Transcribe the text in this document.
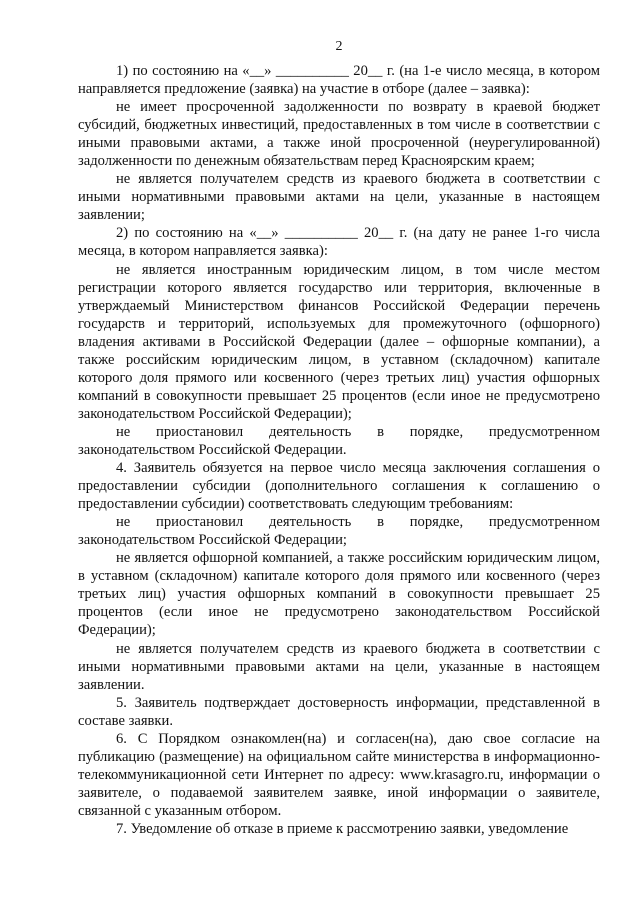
2

1) по состоянию на «__» __________ 20__ г. (на 1-е число месяца, в котором направляется предложение (заявка) на участие в отборе (далее – заявка):

не имеет просроченной задолженности по возврату в краевой бюджет субсидий, бюджетных инвестиций, предоставленных в том числе в соответствии с иными правовыми актами, а также иной просроченной (неурегулированной) задолженности по денежным обязательствам перед Красноярским краем;

не является получателем средств из краевого бюджета в соответствии с иными нормативными правовыми актами на цели, указанные в настоящем заявлении;

2) по состоянию на «__» __________ 20__ г. (на дату не ранее 1-го числа месяца, в котором направляется заявка):

не является иностранным юридическим лицом, в том числе местом регистрации которого является государство или территория, включенные в утверждаемый Министерством финансов Российской Федерации перечень государств и территорий, используемых для промежуточного (офшорного) владения активами в Российской Федерации (далее – офшорные компании), а также российским юридическим лицом, в уставном (складочном) капитале которого доля прямого или косвенного (через третьих лиц) участия офшорных компаний в совокупности превышает 25 процентов (если иное не предусмотрено законодательством Российской Федерации);

не приостановил деятельность в порядке, предусмотренном законодательством Российской Федерации.

4. Заявитель обязуется на первое число месяца заключения соглашения о предоставлении субсидии (дополнительного соглашения к соглашению о предоставлении субсидии) соответствовать следующим требованиям:

не приостановил деятельность в порядке, предусмотренном законодательством Российской Федерации;

не является офшорной компанией, а также российским юридическим лицом, в уставном (складочном) капитале которого доля прямого или косвенного (через третьих лиц) участия офшорных компаний в совокупности превышает 25 процентов (если иное не предусмотрено законодательством Российской Федерации);

не является получателем средств из краевого бюджета в соответствии с иными нормативными правовыми актами на цели, указанные в настоящем заявлении.

5. Заявитель подтверждает достоверность информации, представленной в составе заявки.

6. С Порядком ознакомлен(на) и согласен(на), даю свое согласие на публикацию (размещение) на официальном сайте министерства в информационно-телекоммуникационной сети Интернет по адресу: www.krasagro.ru, информации о заявителе, о подаваемой заявителем заявке, иной информации о заявителе, связанной с указанным отбором.

7. Уведомление об отказе в приеме к рассмотрению заявки, уведомление
